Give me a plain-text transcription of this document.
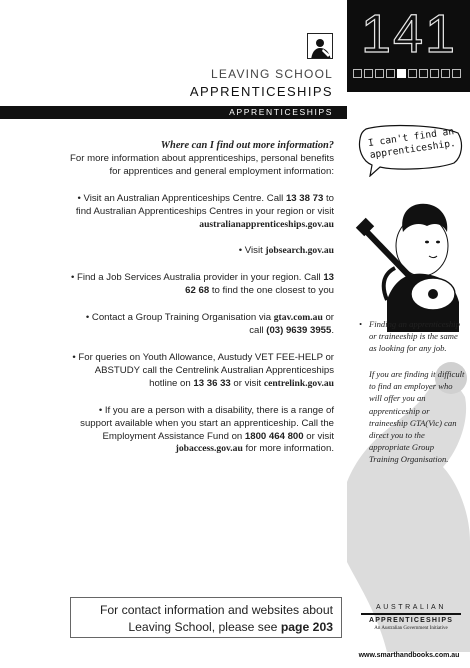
141
LEAVING SCHOOL
APPRENTICESHIPS
APPRENTICESHIPS
Where can I find out more information?

For more information about apprenticeships, personal benefits for apprentices and general employment information:

• Visit an Australian Apprenticeships Centre. Call 13 38 73 to find Australian Apprenticeships Centres in your region or visit australianapprenticeships.gov.au

• Visit jobsearch.gov.au

• Find a Job Services Australia provider in your region. Call 13 62 68 to find the one closest to you

• Contact a Group Training Organisation via gtav.com.au or call (03) 9639 3955.

• For queries on Youth Allowance, Austudy VET FEE-HELP or ABSTUDY call the Centrelink Australian Apprenticeships hotline on 13 36 33 or visit centrelink.gov.au

• If you are a person with a disability, there is a range of support available when you start an apprenticeship. Call the Employment Assistance Fund on 1800 464 800 or visit jobaccess.gov.au for more information.

I can't find an apprenticeship.
• Finding an apprenticeship or traineeship is the same as looking for any job.
If you are finding it difficult to find an employer who will offer you an apprenticeship or traineeship GTA(Vic) can direct you to the appropriate Group Training Organisation.
For contact information and websites about
Leaving School, please see page 203
AUSTRALIAN
APPRENTICESHIPS
An Australian Government Initiative
www.smarthandbooks.com.au
